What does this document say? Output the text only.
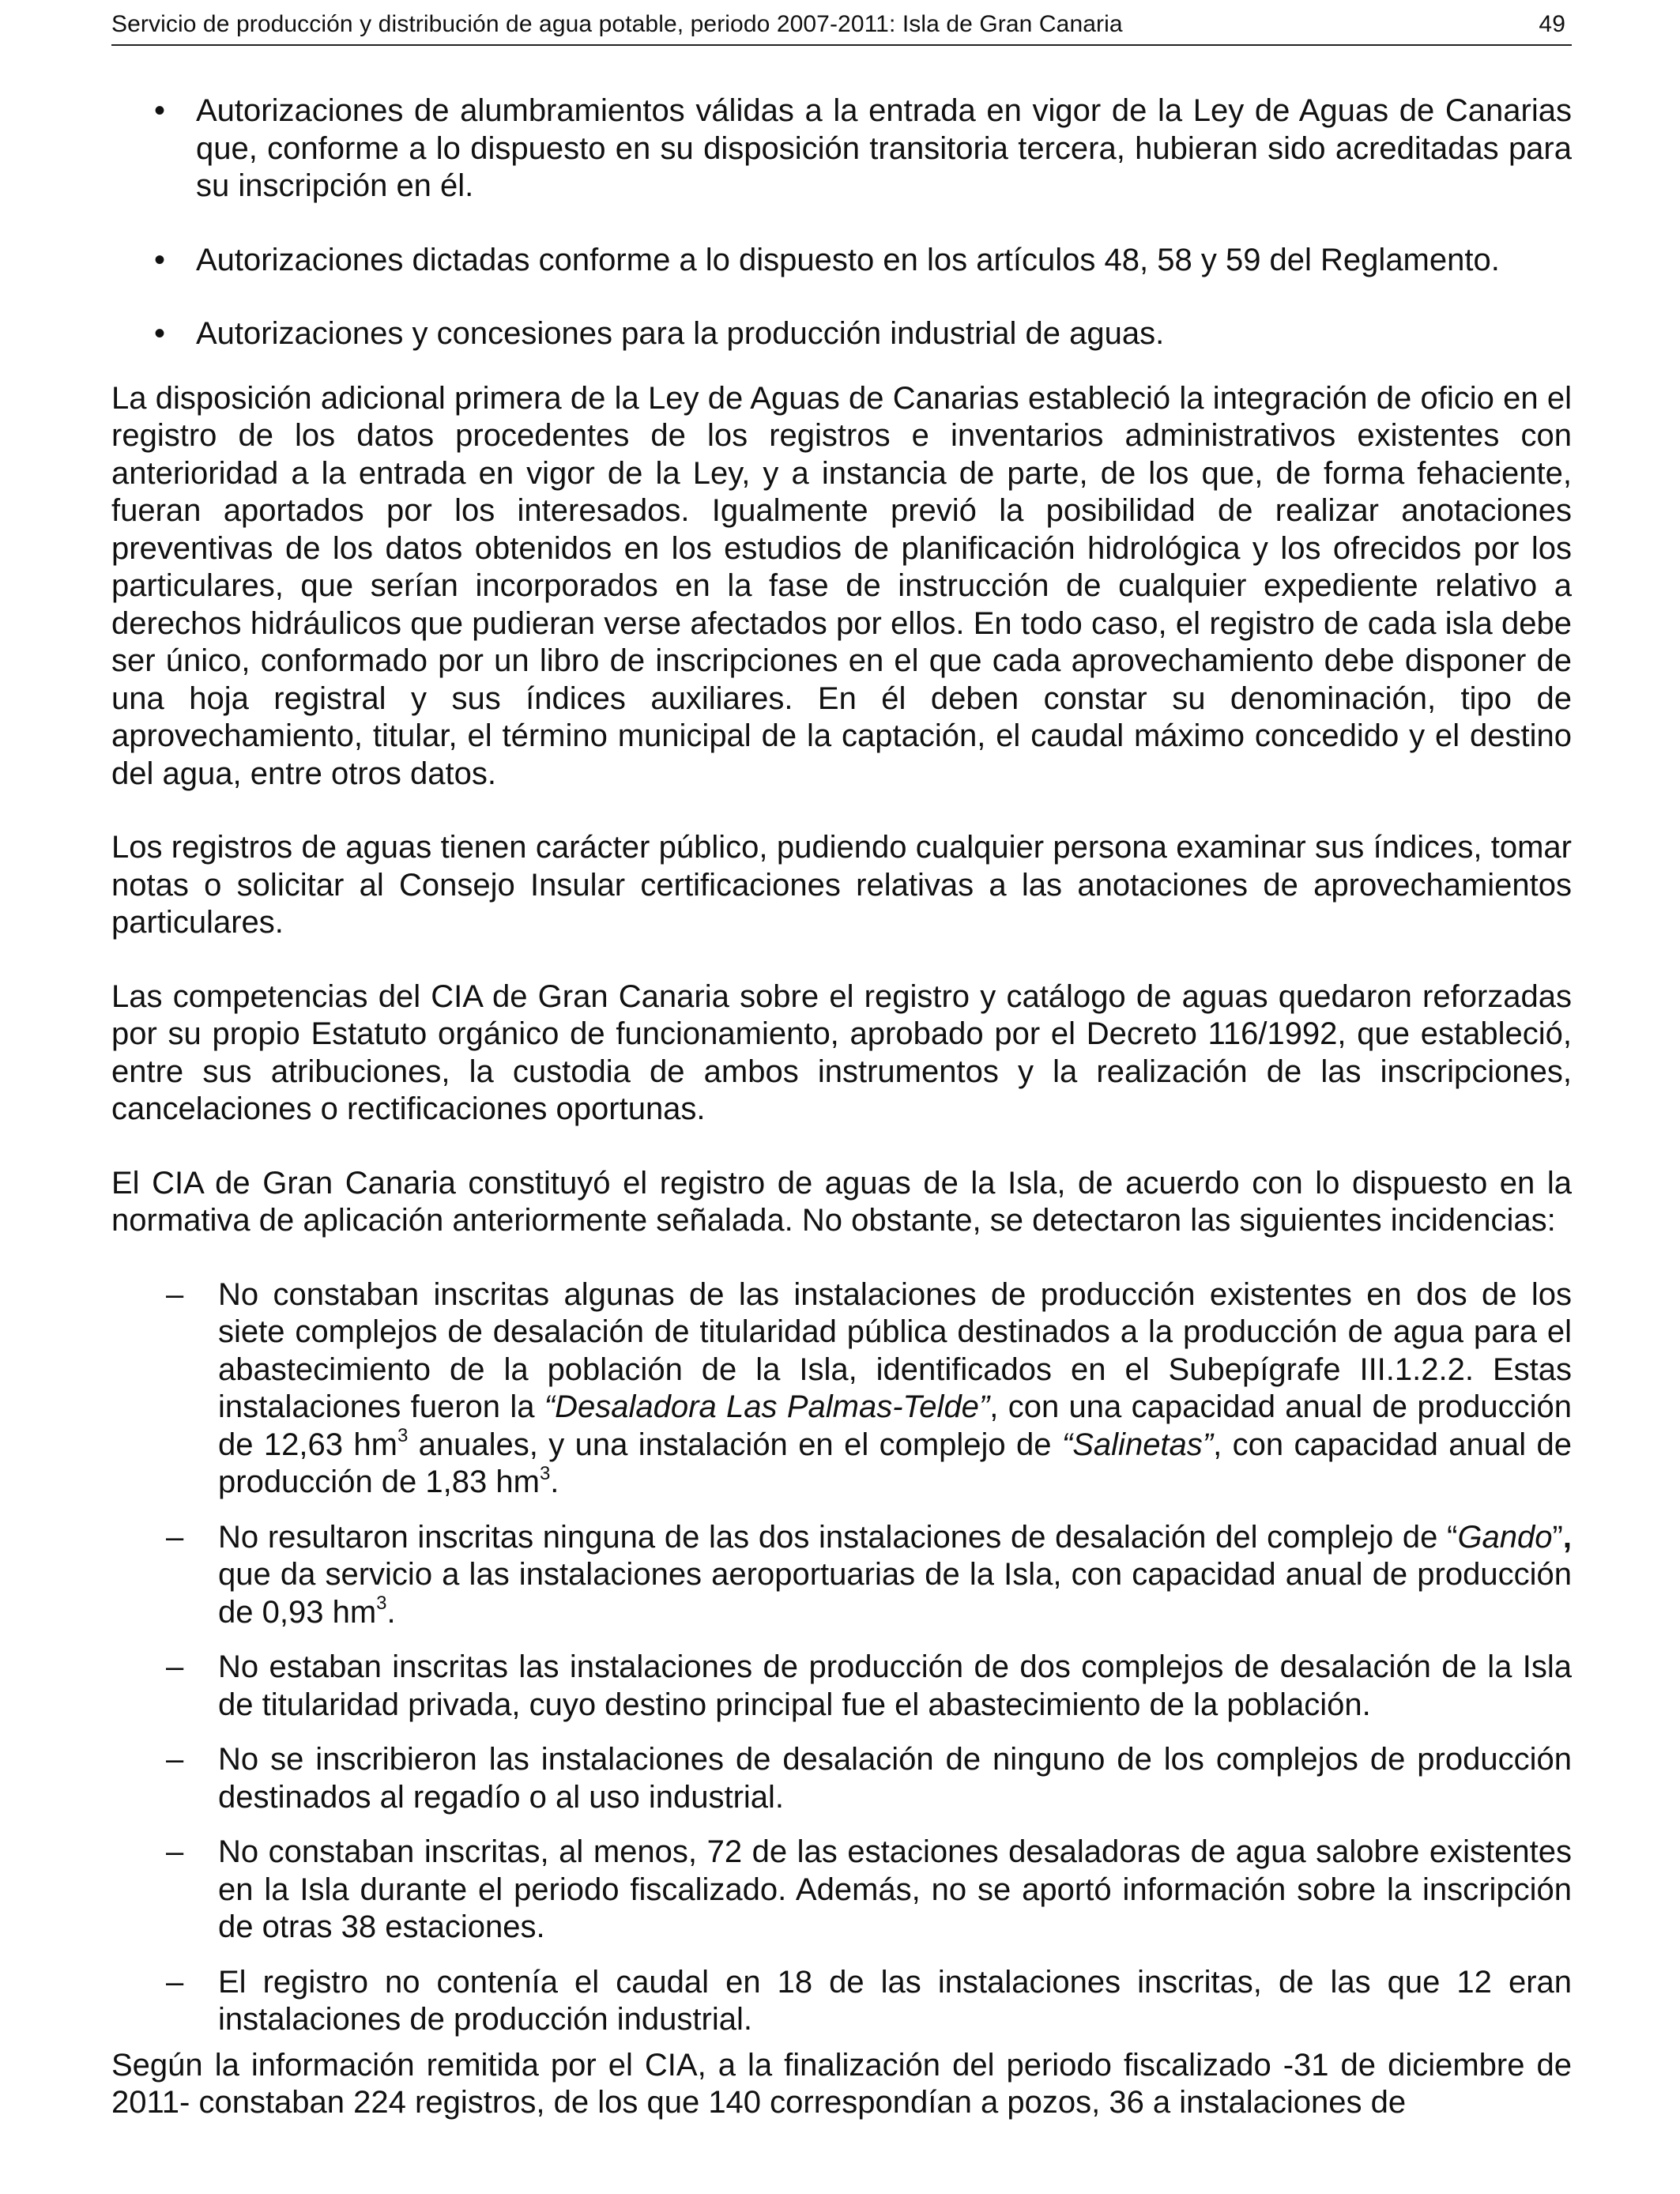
Servicio de producción y distribución de agua potable, periodo 2007-2011: Isla de Gran Canaria	49

• Autorizaciones de alumbramientos válidas a la entrada en vigor de la Ley de Aguas de Canarias que, conforme a lo dispuesto en su disposición transitoria tercera, hubieran sido acreditadas para su inscripción en él.

• Autorizaciones dictadas conforme a lo dispuesto en los artículos 48, 58 y 59 del Reglamento.

• Autorizaciones y concesiones para la producción industrial de aguas.

La disposición adicional primera de la Ley de Aguas de Canarias estableció la integración de oficio en el registro de los datos procedentes de los registros e inventarios administrativos existentes con anterioridad a la entrada en vigor de la Ley, y a instancia de parte, de los que, de forma fehaciente, fueran aportados por los interesados. Igualmente previó la posibilidad de realizar anotaciones preventivas de los datos obtenidos en los estudios de planificación hidrológica y los ofrecidos por los particulares, que serían incorporados en la fase de instrucción de cualquier expediente relativo a derechos hidráulicos que pudieran verse afectados por ellos. En todo caso, el registro de cada isla debe ser único, conformado por un libro de inscripciones en el que cada aprovechamiento debe disponer de una hoja registral y sus índices auxiliares. En él deben constar su denominación, tipo de aprovechamiento, titular, el término municipal de la captación, el caudal máximo concedido y el destino del agua, entre otros datos.

Los registros de aguas tienen carácter público, pudiendo cualquier persona examinar sus índices, tomar notas o solicitar al Consejo Insular certificaciones relativas a las anotaciones de aprovechamientos particulares.

Las competencias del CIA de Gran Canaria sobre el registro y catálogo de aguas quedaron reforzadas por su propio Estatuto orgánico de funcionamiento, aprobado por el Decreto 116/1992, que estableció, entre sus atribuciones, la custodia de ambos instrumentos y la realización de las inscripciones, cancelaciones o rectificaciones oportunas.

El CIA de Gran Canaria constituyó el registro de aguas de la Isla, de acuerdo con lo dispuesto en la normativa de aplicación anteriormente señalada. No obstante, se detectaron las siguientes incidencias:

– No constaban inscritas algunas de las instalaciones de producción existentes en dos de los siete complejos de desalación de titularidad pública destinados a la producción de agua para el abastecimiento de la población de la Isla, identificados en el Subepígrafe III.1.2.2. Estas instalaciones fueron la “Desaladora Las Palmas-Telde”, con una capacidad anual de producción de 12,63 $hm^3$ anuales, y una instalación en el complejo de “Salinetas”, con capacidad anual de producción de 1,83 $hm^3$.

– No resultaron inscritas ninguna de las dos instalaciones de desalación del complejo de “Gando”, que da servicio a las instalaciones aeroportuarias de la Isla, con capacidad anual de producción de 0,93 $hm^3$.

– No estaban inscritas las instalaciones de producción de dos complejos de desalación de la Isla de titularidad privada, cuyo destino principal fue el abastecimiento de la población.

– No se inscribieron las instalaciones de desalación de ninguno de los complejos de producción destinados al regadío o al uso industrial.

– No constaban inscritas, al menos, 72 de las estaciones desaladoras de agua salobre existentes en la Isla durante el periodo fiscalizado. Además, no se aportó información sobre la inscripción de otras 38 estaciones.

– El registro no contenía el caudal en 18 de las instalaciones inscritas, de las que 12 eran instalaciones de producción industrial.

Según la información remitida por el CIA, a la finalización del periodo fiscalizado -31 de diciembre de 2011- constaban 224 registros, de los que 140 correspondían a pozos, 36 a instalaciones de
